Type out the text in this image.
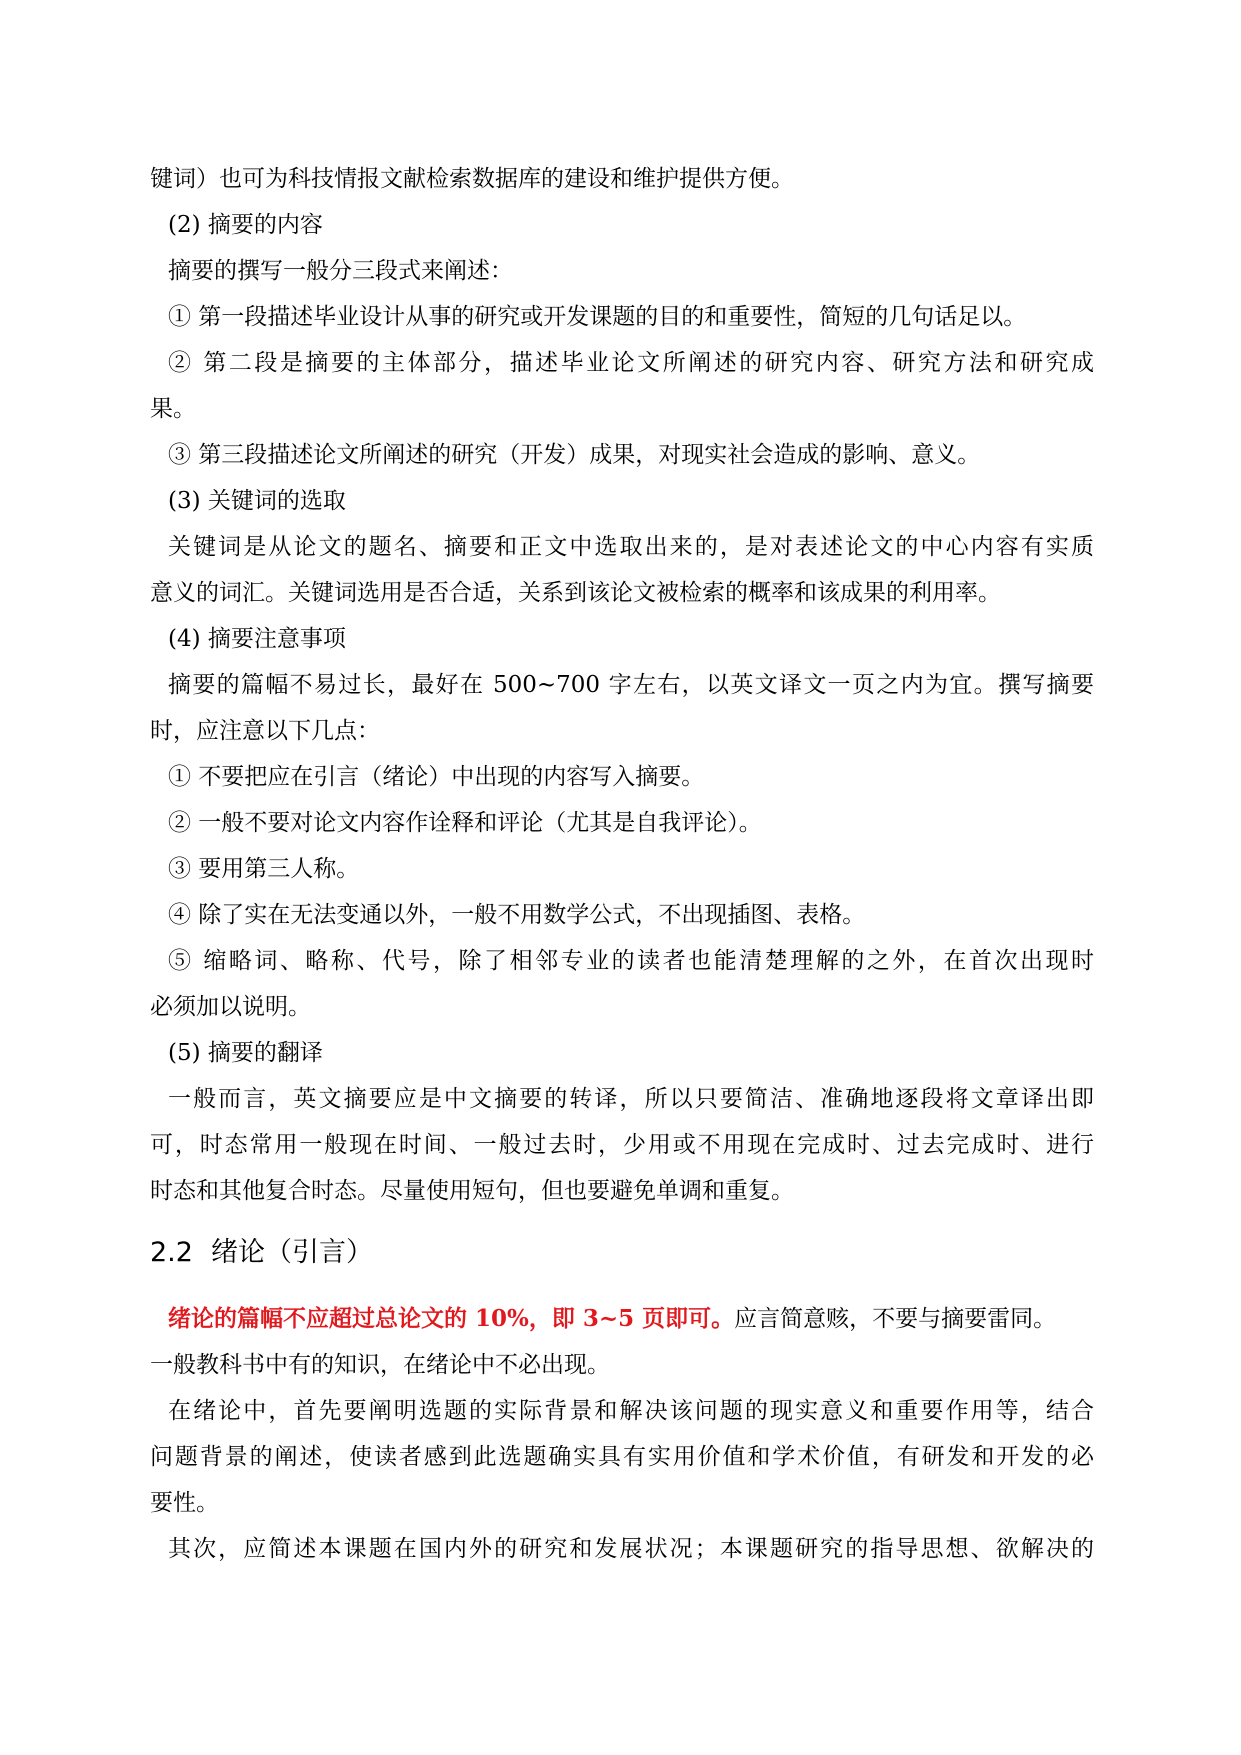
键词）也可为科技情报文献检索数据库的建设和维护提供方便。
(2) 摘要的内容
摘要的撰写一般分三段式来阐述：
① 第一段描述毕业设计从事的研究或开发课题的目的和重要性，简短的几句话足以。
② 第二段是摘要的主体部分，描述毕业论文所阐述的研究内容、研究方法和研究成
果。
③ 第三段描述论文所阐述的研究（开发）成果，对现实社会造成的影响、意义。
(3) 关键词的选取
关键词是从论文的题名、摘要和正文中选取出来的，是对表述论文的中心内容有实质
意义的词汇。关键词选用是否合适，关系到该论文被检索的概率和该成果的利用率。
(4) 摘要注意事项
摘要的篇幅不易过长，最好在 500~700 字左右，以英文译文一页之内为宜。撰写摘要
时，应注意以下几点：
① 不要把应在引言（绪论）中出现的内容写入摘要。
② 一般不要对论文内容作诠释和评论（尤其是自我评论）。
③ 要用第三人称。
④ 除了实在无法变通以外，一般不用数学公式，不出现插图、表格。
⑤ 缩略词、略称、代号，除了相邻专业的读者也能清楚理解的之外，在首次出现时
必须加以说明。
(5) 摘要的翻译
一般而言，英文摘要应是中文摘要的转译，所以只要简洁、准确地逐段将文章译出即
可，时态常用一般现在时间、一般过去时，少用或不用现在完成时、过去完成时、进行
时态和其他复合时态。尽量使用短句，但也要避免单调和重复。
2.2 绪论（引言）
绪论的篇幅不应超过总论文的 10%，即 3~5 页即可。应言简意赅，不要与摘要雷同。
一般教科书中有的知识，在绪论中不必出现。
在绪论中，首先要阐明选题的实际背景和解决该问题的现实意义和重要作用等，结合
问题背景的阐述，使读者感到此选题确实具有实用价值和学术价值，有研发和开发的必
要性。
其次，应简述本课题在国内外的研究和发展状况；本课题研究的指导思想、欲解决的
